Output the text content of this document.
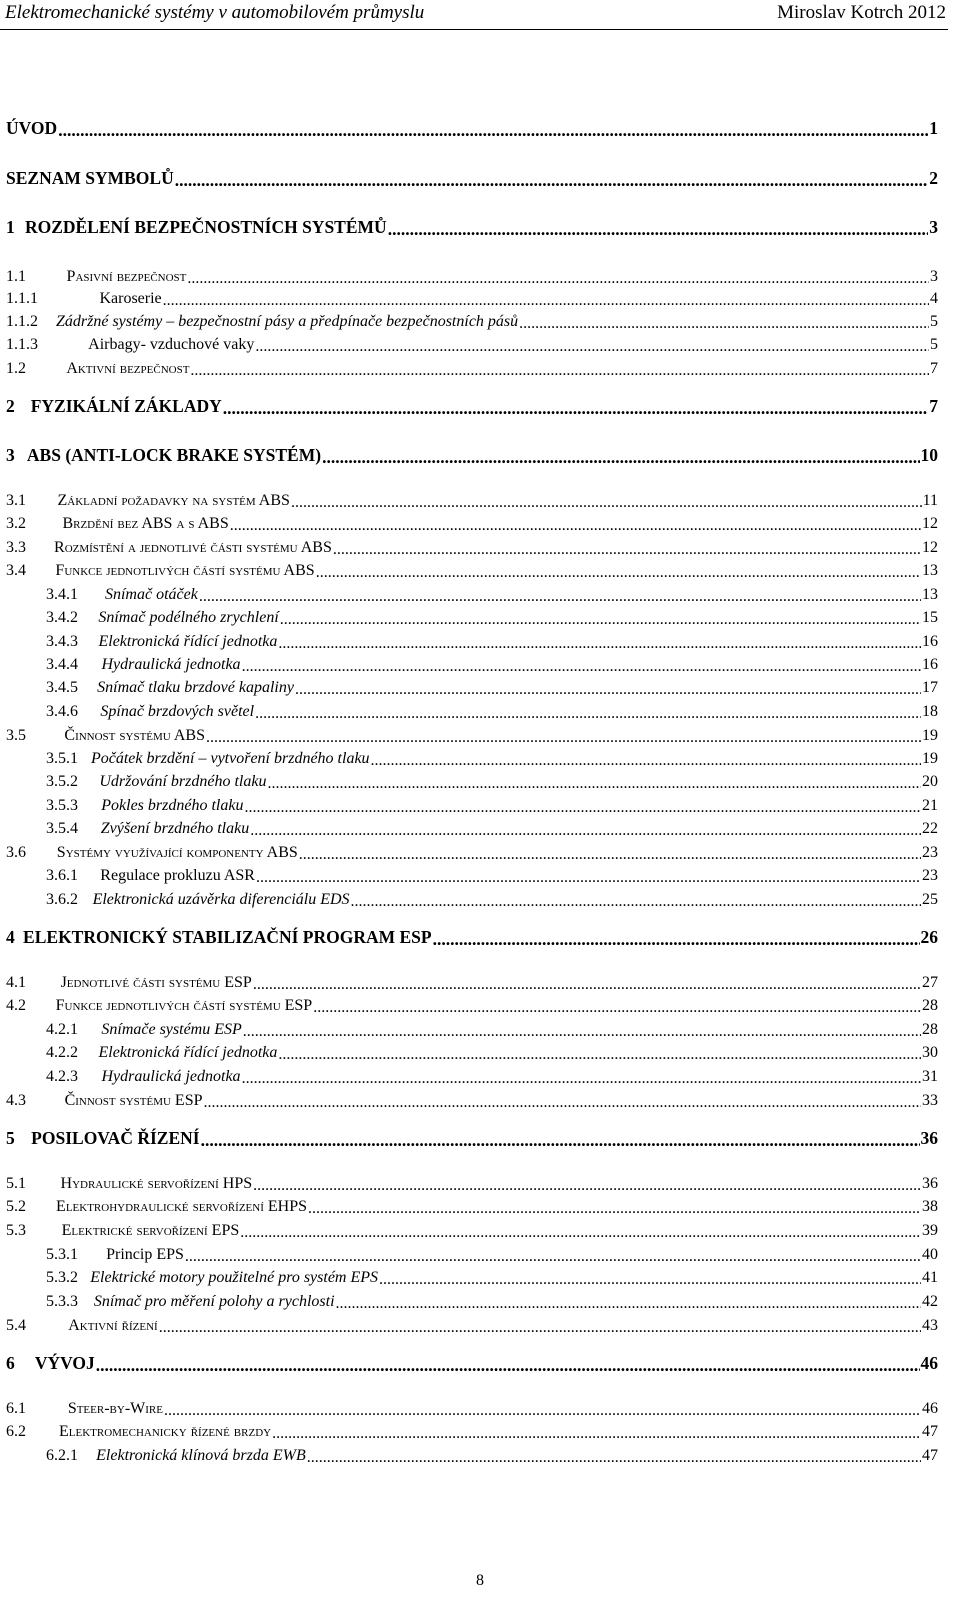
Elektromechanické systémy v automobilovém průmyslu	Miroslav Kotrch 2012
ÚVOD .....	1
SEZNAM SYMBOLŮ .....	2
1 ROZDĚLENÍ BEZPEČNOSTNÍCH SYSTÉMŮ .....	3
1.1	Pasivní bezpečnost .....	3
1.1.1	Karoserie .....	4
1.1.2	Zádržné systémy – bezpečnostní pásy a předpínače bezpečnostních pásů .....	5
1.1.3	Airbagy- vzduchové vaky .....	5
1.2	Aktivní bezpečnost .....	7
2 FYZIKÁLNÍ ZÁKLADY .....	7
3 ABS (ANTI-LOCK BRAKE SYSTÉM) .....	10
3.1	Základní požadavky na systém ABS .....	11
3.2	Brzdění bez ABS a s ABS .....	12
3.3	Rozmístění a jednotlivé části systému ABS .....	12
3.4	Funkce jednotlivých částí systému ABS .....	13
3.4.1	Snímač otáček .....	13
3.4.2	Snímač podélného zrychlení .....	15
3.4.3	Elektronická řídící jednotka .....	16
3.4.4	Hydraulická jednotka .....	16
3.4.5	Snímač tlaku brzdové kapaliny .....	17
3.4.6	Spínač brzdových světel .....	18
3.5	Činnost systému ABS .....	19
3.5.1 Počátek brzdění – vytvoření brzdného tlaku .....	19
3.5.2	Udržování brzdného tlaku .....	20
3.5.3	Pokles brzdného tlaku .....	21
3.5.4	Zvýšení brzdného tlaku .....	22
3.6	Systémy využívající komponenty ABS .....	23
3.6.1	Regulace prokluzu ASR .....	23
3.6.2 Elektronická uzávěrka diferenciálu EDS .....	25
4 ELEKTRONICKÝ STABILIZAČNÍ PROGRAM ESP .....	26
4.1	Jednotlivé části systému ESP .....	27
4.2	Funkce jednotlivých částí systému ESP .....	28
4.2.1	Snímače systému ESP .....	28
4.2.2	Elektronická řídící jednotka .....	30
4.2.3	Hydraulická jednotka .....	31
4.3	Činnost systému ESP .....	33
5 POSILOVAČ ŘÍZENÍ .....	36
5.1	Hydraulické servořízení HPS .....	36
5.2	Elektrohydraulické servořízení EHPS .....	38
5.3	Elektrické servořízení EPS .....	39
5.3.1	Princip EPS .....	40
5.3.2 Elektrické motory použitelné pro systém EPS .....	41
5.3.3 Snímač pro měření polohy a rychlosti .....	42
5.4	Aktivní řízení .....	43
6	VÝVOJ .....	46
6.1	Steer-by-Wire .....	46
6.2	Elektromechanicky řízené brzdy .....	47
6.2.1	Elektronická klínová brzda EWB .....	47
8
